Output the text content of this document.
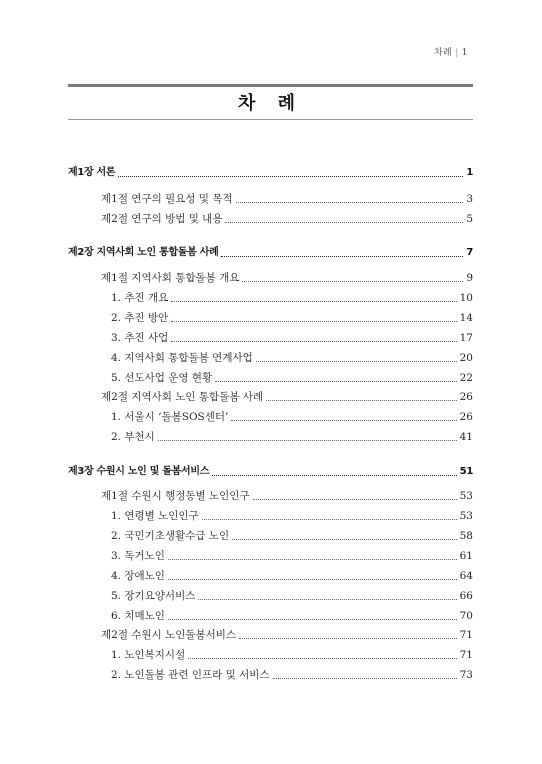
차례 | 1
차 례
제1장 서론	1
제1절 연구의 필요성 및 목적	3
제2절 연구의 방법 및 내용	5
제2장 지역사회 노인 통합돌봄 사례	7
제1절 지역사회 통합돌봄 개요	9
1. 추진 개요	10
2. 추진 방안	14
3. 추진 사업	17
4. 지역사회 통합돌봄 연계사업	20
5. 선도사업 운영 현황	22
제2절 지역사회 노인 통합돌봄 사례	26
1. 서울시 ‘돌봄SOS센터’	26
2. 부천시	41
제3장 수원시 노인 및 돌봄서비스	51
제1절 수원시 행정동별 노인인구	53
1. 연령별 노인인구	53
2. 국민기초생활수급 노인	58
3. 독거노인	61
4. 장애노인	64
5. 장기요양서비스	66
6. 치매노인	70
제2절 수원시 노인돌봄서비스	71
1. 노인복지시설	71
2. 노인돌봄 관련 인프라 및 서비스	73
